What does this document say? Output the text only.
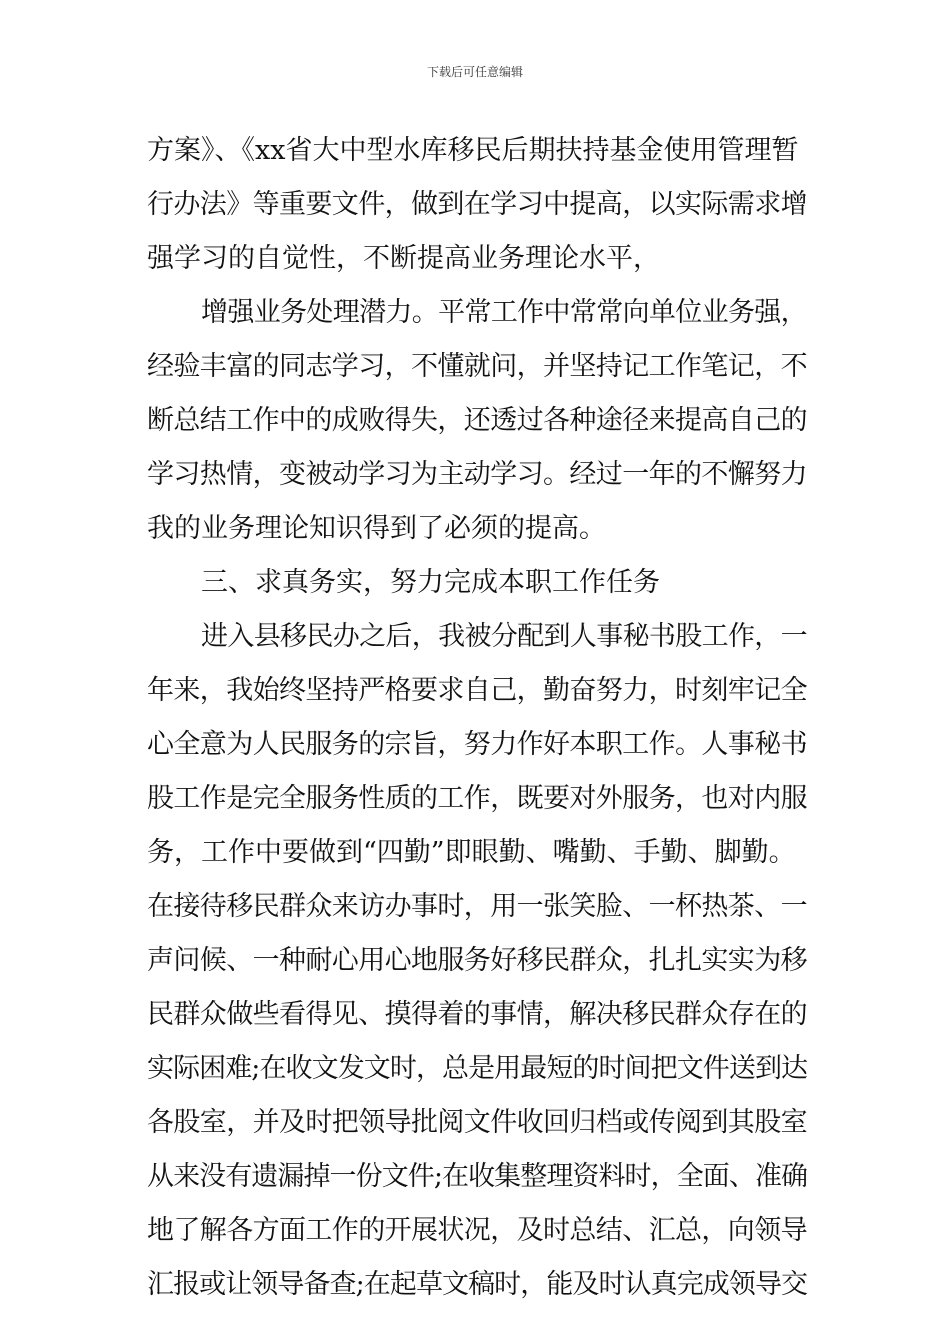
下载后可任意编辑
方案》、《xx省大中型水库移民后期扶持基金使用管理暂
行办法》等重要文件，做到在学习中提高，以实际需求增
强学习的自觉性，不断提高业务理论水平，
增强业务处理潜力。平常工作中常常向单位业务强，
经验丰富的同志学习，不懂就问，并坚持记工作笔记，不
断总结工作中的成败得失，还透过各种途径来提高自己的
学习热情，变被动学习为主动学习。经过一年的不懈努力
我的业务理论知识得到了必须的提高。
三、求真务实，努力完成本职工作任务
进入县移民办之后，我被分配到人事秘书股工作，一
年来，我始终坚持严格要求自己，勤奋努力，时刻牢记全
心全意为人民服务的宗旨，努力作好本职工作。人事秘书
股工作是完全服务性质的工作，既要对外服务，也对内服
务，工作中要做到“四勤”即眼勤、嘴勤、手勤、脚勤。
在接待移民群众来访办事时，用一张笑脸、一杯热茶、一
声问候、一种耐心用心地服务好移民群众，扎扎实实为移
民群众做些看得见、摸得着的事情，解决移民群众存在的
实际困难;在收文发文时，总是用最短的时间把文件送到达
各股室，并及时把领导批阅文件收回归档或传阅到其股室
从来没有遗漏掉一份文件;在收集整理资料时，全面、准确
地了解各方面工作的开展状况，及时总结、汇总，向领导
汇报或让领导备查;在起草文稿时，能及时认真完成领导交
